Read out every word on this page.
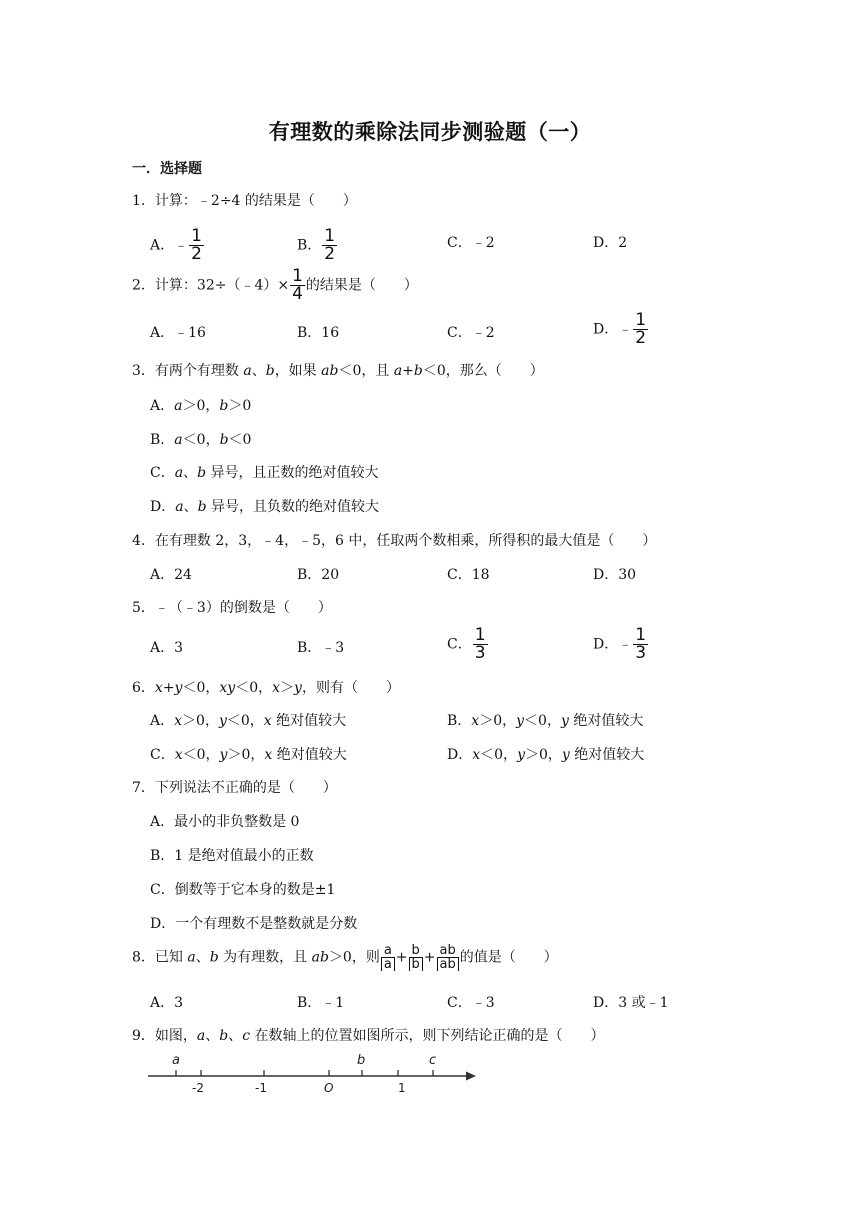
有理数的乘除法同步测验题（一）
一．选择题
1．计算：﹣2÷4 的结果是（　　）
A．﹣ $\frac{1}{2}$	B． $\frac{1}{2}$	C．﹣2	D．2
2．计算：32÷（﹣4）× $\frac{1}{4}$ 的结果是（　　）
A．﹣16	B．16	C．﹣2	D．﹣ $\frac{1}{2}$
3．有两个有理数 a、b，如果 ab＜0，且 a+b＜0，那么（　　）
A．a＞0，b＞0
B．a＜0，b＜0
C．a、b 异号，且正数的绝对值较大
D．a、b 异号，且负数的绝对值较大
4．在有理数 2，3，﹣4，﹣5，6 中，任取两个数相乘，所得积的最大值是（　　）
A．24	B．20	C．18	D．30
5．﹣（﹣3）的倒数是（　　）
A．3	B．﹣3	C． $\frac{1}{3}$	D．﹣ $\frac{1}{3}$
6．x+y＜0，xy＜0，x＞y，则有（　　）
A．x＞0，y＜0，x 绝对值较大	B．x＞0，y＜0，y 绝对值较大
C．x＜0，y＞0，x 绝对值较大	D．x＜0，y＞0，y 绝对值较大
7．下列说法不正确的是（　　）
A．最小的非负整数是 0
B．1 是绝对值最小的正数
C．倒数等于它本身的数是±1
D．一个有理数不是整数就是分数
8．已知 a、b 为有理数，且 ab＞0，则 $\frac{a}{a} + \frac{b}{b} + \frac{ab}{ab}$ 的值是（　　）
A．3	B．﹣1	C．﹣3	D．3 或﹣1
9．如图，a、b、c 在数轴上的位置如图所示，则下列结论正确的是（　　）
a	b	c
-2	-1	O	1
